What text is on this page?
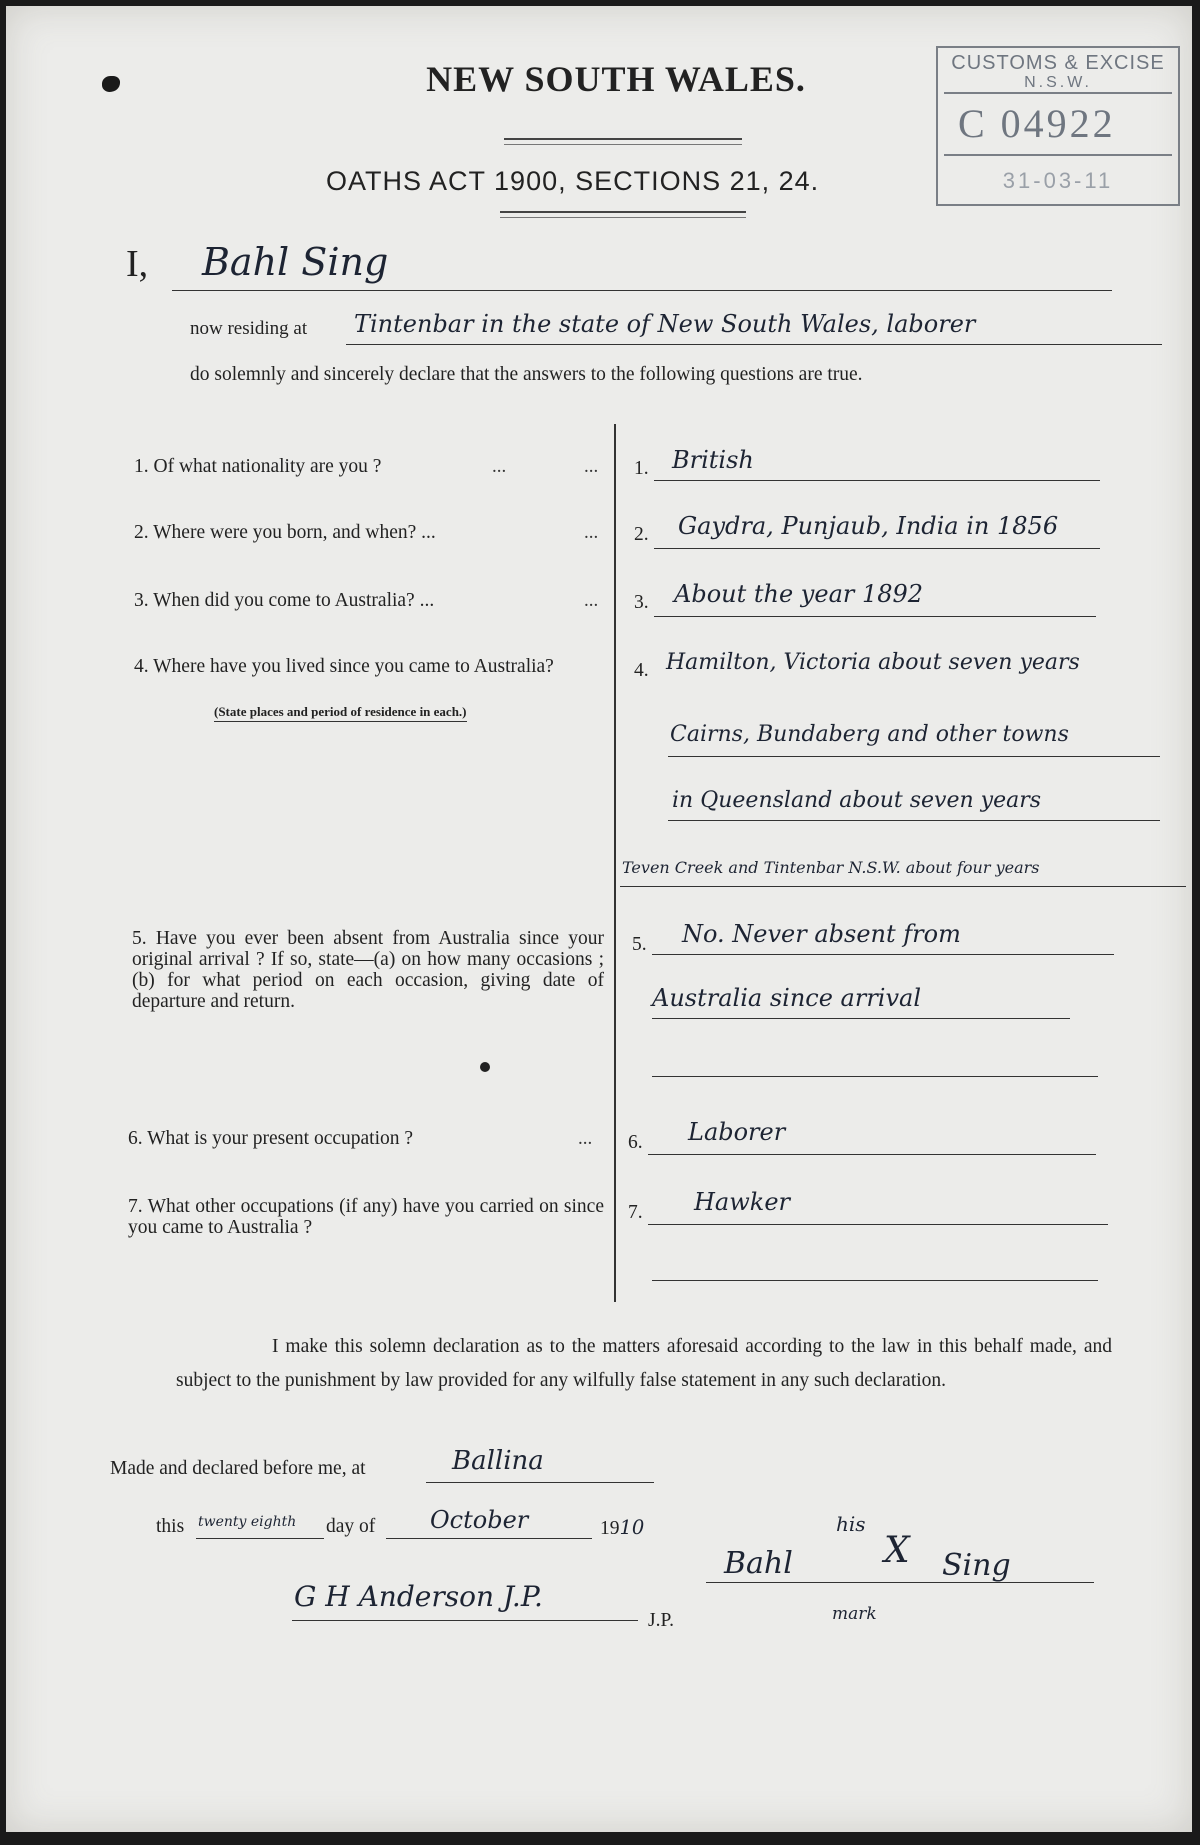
NEW SOUTH WALES.
OATHS ACT 1900, SECTIONS 21, 24.
CUSTOMS & EXCISE
N.S.W.
C 04922
31-03-11
I, Bahl Sing
now residing at Tintenbar in the state of New South Wales, laborer
do solemnly and sincerely declare that the answers to the following questions are true.
1. Of what nationality are you ?	...	... 1. British
2. Where were you born, and when? ...	... 2. Gaydra, Punjaub, India in 1856
3. When did you come to Australia? ...	... 3. About the year 1892
4. Where have you lived since you came to Australia?
(State places and period of residence in each.)
4. Hamilton, Victoria about seven years
Cairns, Bundaberg and other towns
in Queensland about seven years
Teven Creek and Tintenbar N.S.W. about four years
5. Have you ever been absent from Australia since your original arrival ? If so, state—(a) on how many occasions ; (b) for what period on each occasion, giving date of departure and return.
5. No. Never absent from
Australia since arrival
6. What is your present occupation ?	... 6. Laborer
7. What other occupations (if any) have you carried on since you came to Australia ?
7. Hawker
I make this solemn declaration as to the matters aforesaid according to the law in this behalf made, and subject to the punishment by law provided for any wilfully false statement in any such declaration.
Made and declared before me, at	Ballina
this twenty eighth day of October	1910
G H Anderson J.P.
J.P.
Bahl
his
X Sing
mark
